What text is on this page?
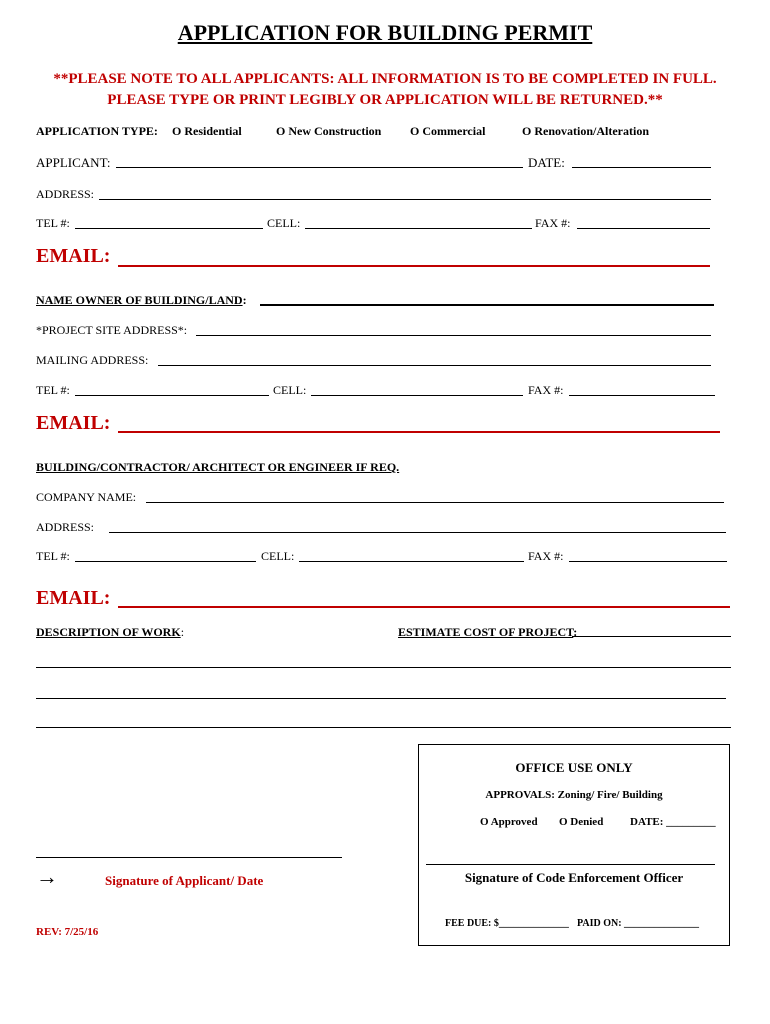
APPLICATION FOR BUILDING PERMIT
**PLEASE NOTE TO ALL APPLICANTS: ALL INFORMATION IS TO BE COMPLETED IN FULL.
PLEASE TYPE OR PRINT LEGIBLY OR APPLICATION WILL BE RETURNED.**
APPLICATION TYPE: O Residential	O New Construction O Commercial	O Renovation/Alteration
APPLICANT:	DATE:
ADDRESS:
TEL #:	CELL:	FAX #:
EMAIL:
NAME OWNER OF BUILDING/LAND:
*PROJECT SITE ADDRESS*:
MAILING ADDRESS:
TEL #:	CELL:	FAX #:
EMAIL:
BUILDING/CONTRACTOR/ ARCHITECT OR ENGINEER IF REQ.
COMPANY NAME:
ADDRESS:
TEL #:	CELL:	FAX #:
EMAIL:
DESCRIPTION OF WORK:	ESTIMATE COST OF PROJECT:
OFFICE USE ONLY
APPROVALS: Zoning/ Fire/ Building
O Approved O Denied DATE: _________
Signature of Code Enforcement Officer
FEE DUE: $______________ PAID ON: _______________
→	Signature of Applicant/ Date
REV: 7/25/16
